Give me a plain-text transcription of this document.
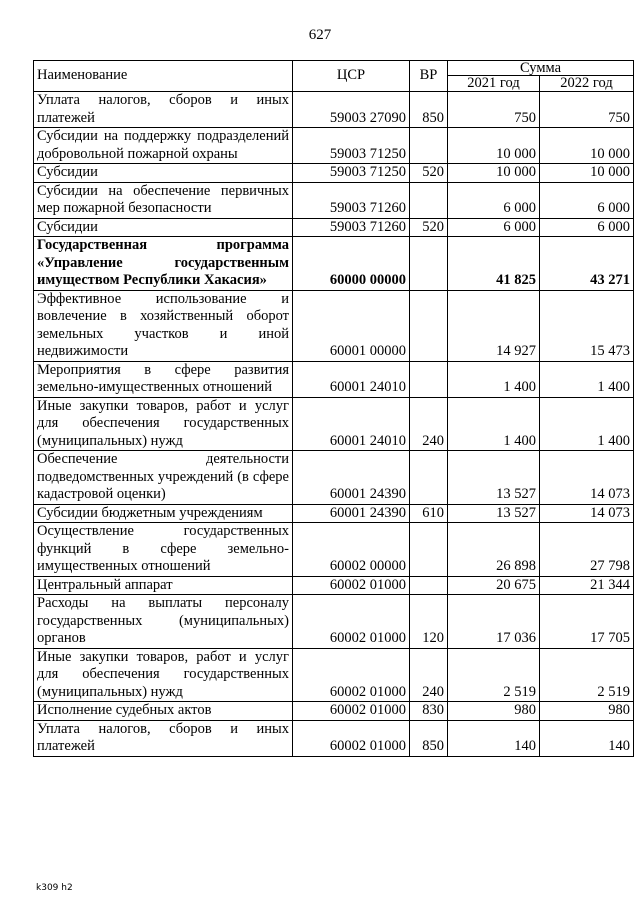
627
Наименование	ЦСР	ВР	Сумма	
			2021 год	2022 год
Уплата налогов, сборов и иных платежей	59003 27090	850	750	750
Субсидии на поддержку подразделений добровольной пожарной охраны	59003 71250		10 000	10 000
Субсидии	59003 71250	520	10 000	10 000
Субсидии на обеспечение первичных мер пожарной безопасности	59003 71260		6 000	6 000
Субсидии	59003 71260	520	6 000	6 000
Государственная программа «Управление государственным имуществом Республики Хакасия»	60000 00000		41 825	43 271
Эффективное использование и вовлечение в хозяйственный оборот земельных участков и иной недвижимости	60001 00000		14 927	15 473
Мероприятия в сфере развития земельно-имущественных отношений	60001 24010		1 400	1 400
Иные закупки товаров, работ и услуг для обеспечения государственных (муниципальных) нужд	60001 24010	240	1 400	1 400
Обеспечение деятельности подведомственных учреждений (в сфере кадастровой оценки)	60001 24390		13 527	14 073
Субсидии бюджетным учреждениям	60001 24390	610	13 527	14 073
Осуществление государственных функций в сфере земельно-имущественных отношений	60002 00000		26 898	27 798
Центральный аппарат	60002 01000		20 675	21 344
Расходы на выплаты персоналу государственных (муниципальных) органов	60002 01000	120	17 036	17 705
Иные закупки товаров, работ и услуг для обеспечения государственных (муниципальных) нужд	60002 01000	240	2 519	2 519
Исполнение судебных актов	60002 01000	830	980	980
Уплата налогов, сборов и иных платежей	60002 01000	850	140	140
k309 h2
